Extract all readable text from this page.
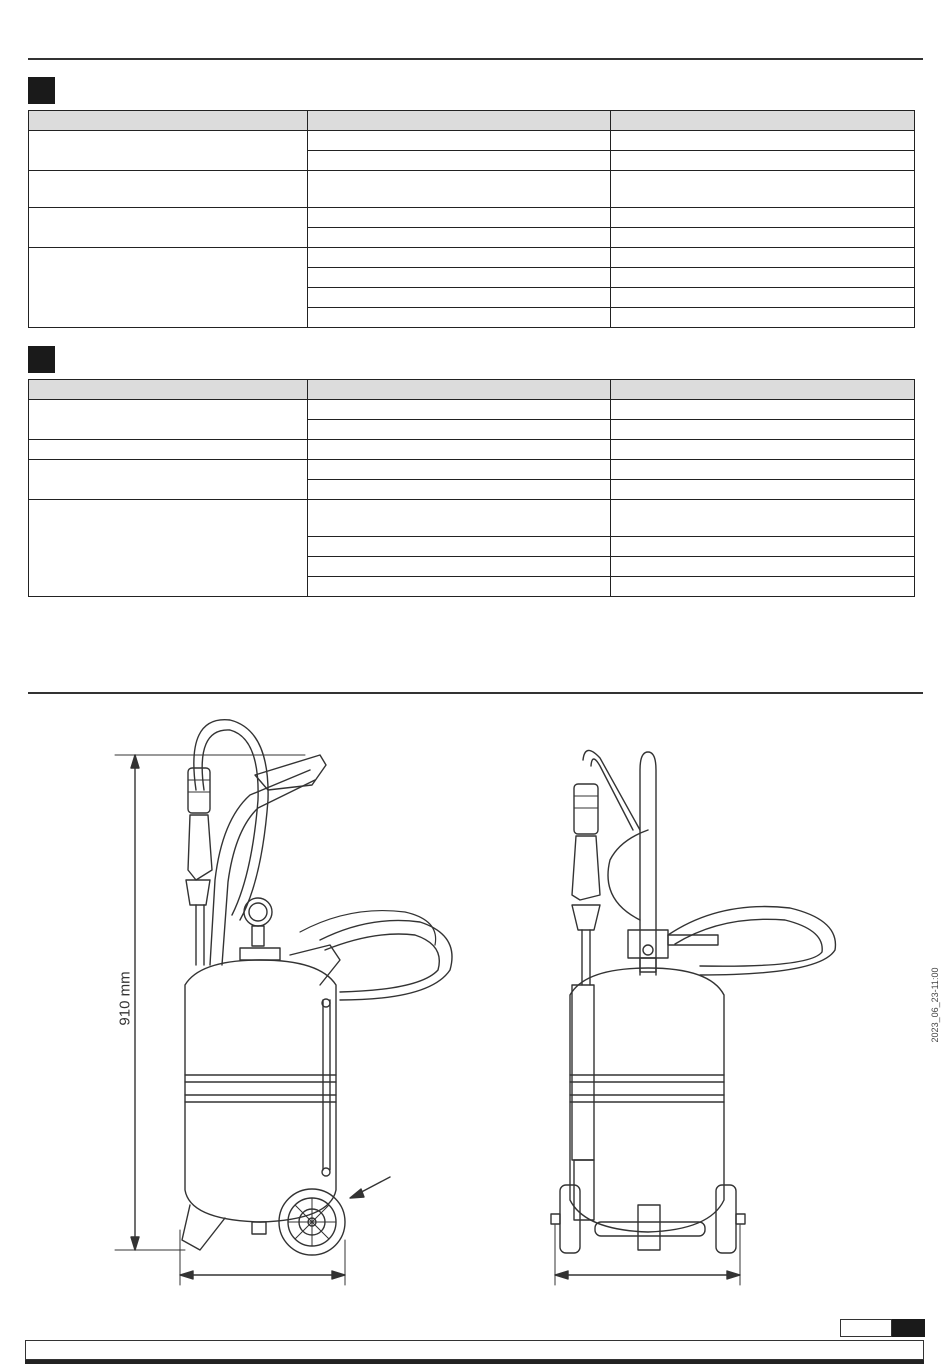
910 mm	2023_06_23-11:00
